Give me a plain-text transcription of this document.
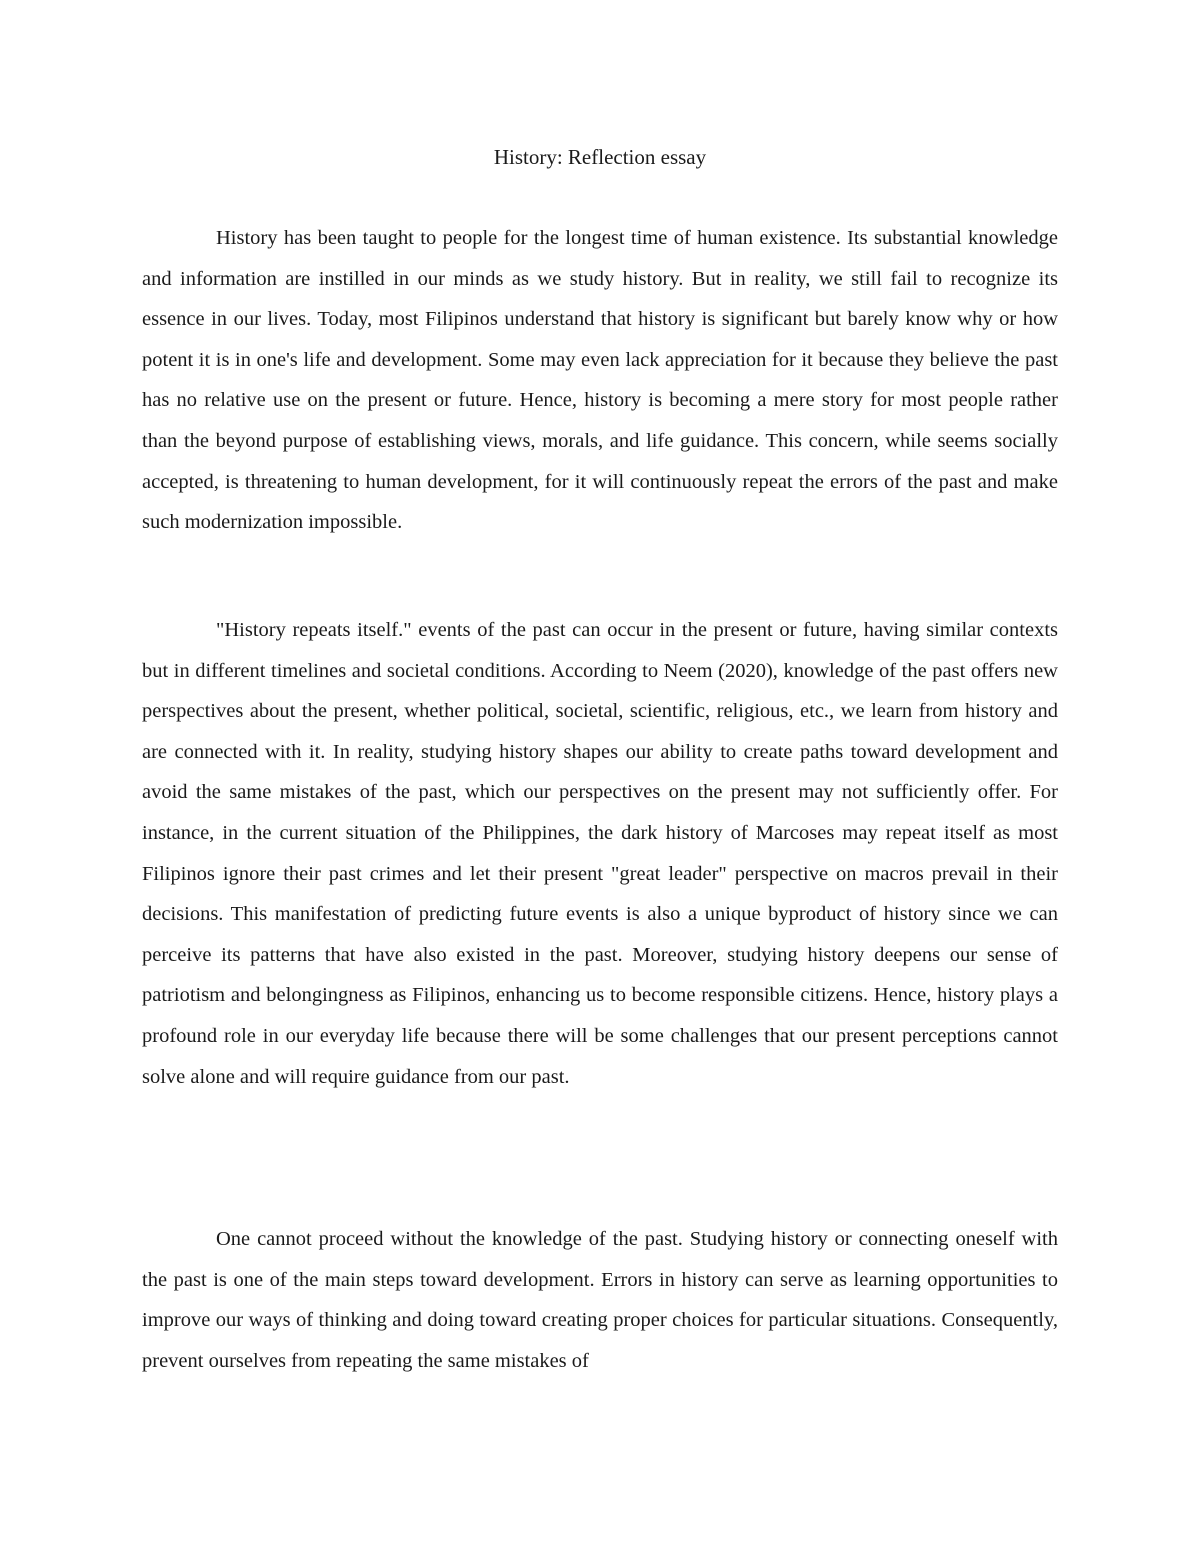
History: Reflection essay

History has been taught to people for the longest time of human existence. Its substantial knowledge and information are instilled in our minds as we study history. But in reality, we still fail to recognize its essence in our lives. Today, most Filipinos understand that history is significant but barely know why or how potent it is in one's life and development. Some may even lack appreciation for it because they believe the past has no relative use on the present or future. Hence, history is becoming a mere story for most people rather than the beyond purpose of establishing views, morals, and life guidance. This concern, while seems socially accepted, is threatening to human development, for it will continuously repeat the errors of the past and make such modernization impossible.

"History repeats itself." events of the past can occur in the present or future, having similar contexts but in different timelines and societal conditions. According to Neem (2020), knowledge of the past offers new perspectives about the present, whether political, societal, scientific, religious, etc., we learn from history and are connected with it. In reality, studying history shapes our ability to create paths toward development and avoid the same mistakes of the past, which our perspectives on the present may not sufficiently offer. For instance, in the current situation of the Philippines, the dark history of Marcoses may repeat itself as most Filipinos ignore their past crimes and let their present "great leader" perspective on macros prevail in their decisions. This manifestation of predicting future events is also a unique byproduct of history since we can perceive its patterns that have also existed in the past. Moreover, studying history deepens our sense of patriotism and belongingness as Filipinos, enhancing us to become responsible citizens. Hence, history plays a profound role in our everyday life because there will be some challenges that our present perceptions cannot solve alone and will require guidance from our past.

One cannot proceed without the knowledge of the past. Studying history or connecting oneself with the past is one of the main steps toward development. Errors in history can serve as learning opportunities to improve our ways of thinking and doing toward creating proper choices for particular situations. Consequently, prevent ourselves from repeating the same mistakes of
